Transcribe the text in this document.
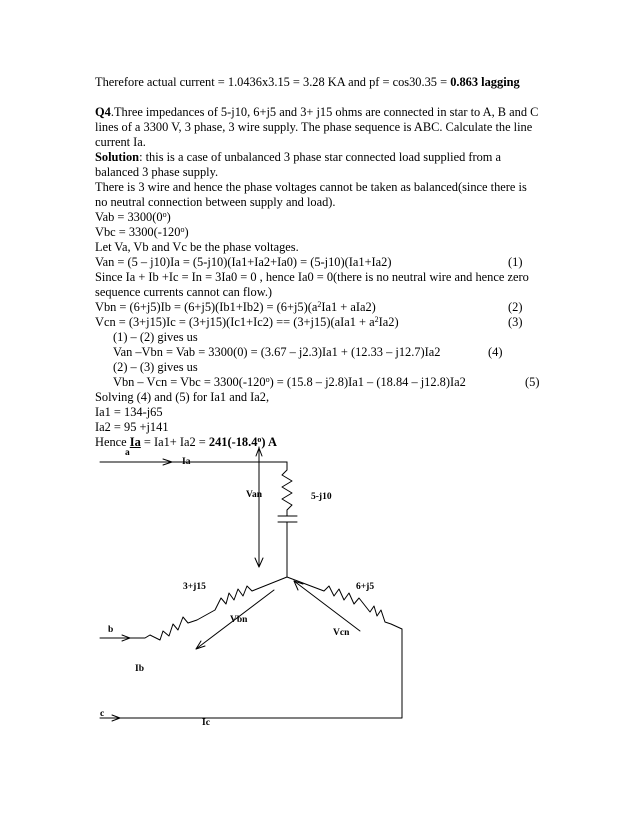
Therefore actual current = 1.0436x3.15 = 3.28 KA and pf = cos30.35 = 0.863 lagging
Q4.Three impedances of 5-j10, 6+j5 and 3+ j15 ohms are connected in star to A, B and C
lines of a 3300 V, 3 phase, 3 wire supply. The phase sequence is ABC. Calculate the line
current Ia.
Solution: this is a case of unbalanced 3 phase star connected load supplied from a
balanced 3 phase supply.
There is 3 wire and hence the phase voltages cannot be taken as balanced(since there is
no neutral connection between supply and load).
Vab = $3300(0^o)$
Vbc = $3300(-120^o)$
Let Va, Vb and Vc be the phase voltages.
Van = (5 – j10)Ia = (5-j10)(Ia1+Ia2+Ia0) = (5-j10)(Ia1+Ia2)	(1)
Since Ia + Ib +Ic = In = 3Ia0 = 0 , hence Ia0 = 0(there is no neutral wire and hence zero
sequence currents cannot can flow.)
Vbn = $(6+j5)Ib = (6+j5)(Ib1+Ib2) = (6+j5)(a^2Ia1 + aIa2)$	(2)
Vcn = $(3+j15)Ic = (3+j15)(Ic1+Ic2) == (3+j15)(aIa1 + a^2Ia2)$	(3)
(1) – (2) gives us
Van –Vbn = Vab = 3300(0) = (3.67 – j2.3)Ia1 + (12.33 – j12.7)Ia2	(4)
(2) – (3) gives us
Vbn – Vcn = Vbc = $3300(-120^o) = (15.8 - j2.8)Ia1 - (18.84 - j12.8)Ia2$	(5)
Solving (4) and (5) for Ia1 and Ia2,
Ia1 = 134-j65
Ia2 = 95 +j141
Hence $Ia = Ia1+ Ia2 = 241(-18.4^o)$ A
a
Ia
Van	5-j10
3+j15	6+j5
Vbn
Vcn
b
Ib
c
Ic
